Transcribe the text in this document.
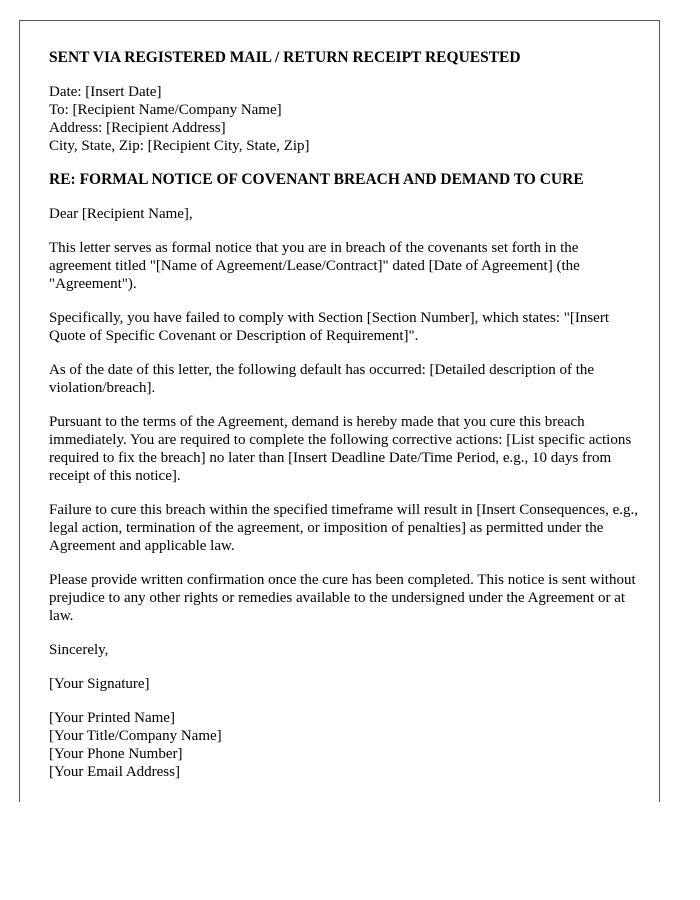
SENT VIA REGISTERED MAIL / RETURN RECEIPT REQUESTED

Date: [Insert Date]
To: [Recipient Name/Company Name]
Address: [Recipient Address]
City, State, Zip: [Recipient City, State, Zip]

RE: FORMAL NOTICE OF COVENANT BREACH AND DEMAND TO CURE

Dear [Recipient Name],

This letter serves as formal notice that you are in breach of the covenants set forth in the agreement titled "[Name of Agreement/Lease/Contract]" dated [Date of Agreement] (the "Agreement").

Specifically, you have failed to comply with Section [Section Number], which states: "[Insert Quote of Specific Covenant or Description of Requirement]".

As of the date of this letter, the following default has occurred: [Detailed description of the violation/breach].

Pursuant to the terms of the Agreement, demand is hereby made that you cure this breach immediately. You are required to complete the following corrective actions: [List specific actions required to fix the breach] no later than [Insert Deadline Date/Time Period, e.g., 10 days from receipt of this notice].

Failure to cure this breach within the specified timeframe will result in [Insert Consequences, e.g., legal action, termination of the agreement, or imposition of penalties] as permitted under the Agreement and applicable law.

Please provide written confirmation once the cure has been completed. This notice is sent without prejudice to any other rights or remedies available to the undersigned under the Agreement or at law.

Sincerely,

[Your Signature]

[Your Printed Name]
[Your Title/Company Name]
[Your Phone Number]
[Your Email Address]
